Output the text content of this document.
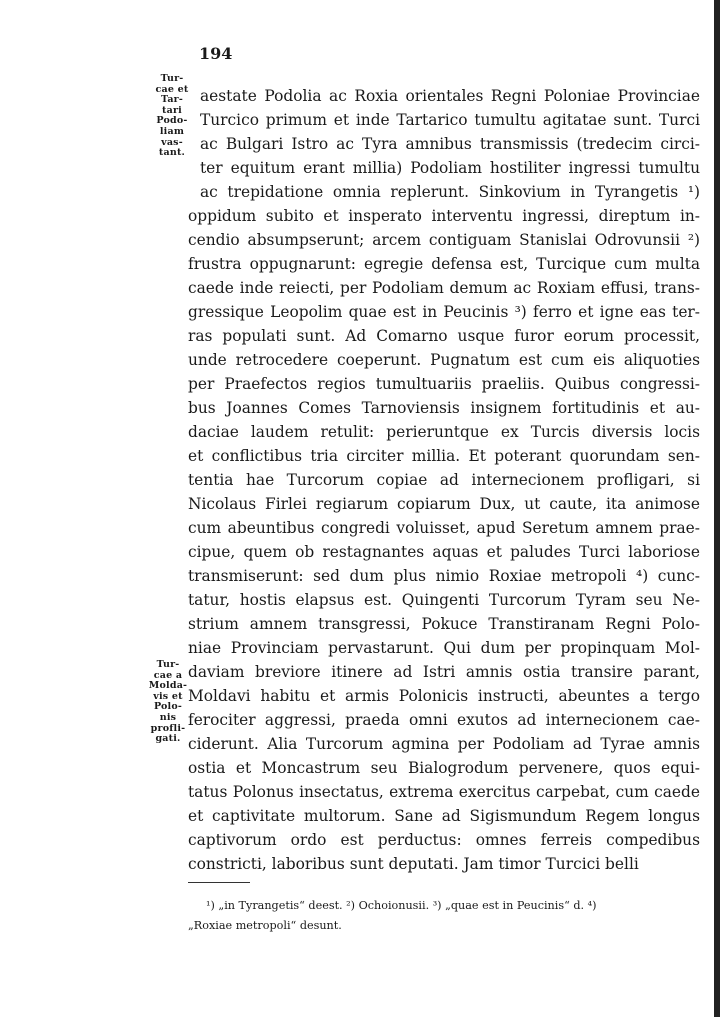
194
Tur-
cae et
Tar-
tari
Podo-
liam
vas-
tant.
Tur-
cae a
Molda-
vis et
Polo-
nis
profli-
gati.
aestate Podolia ac Roxia orientales Regni Poloniae Provinciae
Turcico primum et inde Tartarico tumultu agitatae sunt. Turci
ac Bulgari Istro ac Tyra amnibus transmissis (tredecim circi-
ter equitum erant millia) Podoliam hostiliter ingressi tumultu
ac trepidatione omnia replerunt. Sinkovium in Tyrangetis ¹)
oppidum subito et insperato interventu ingressi, direptum in-
cendio absumpserunt; arcem contiguam Stanislai Odrovunsii ²)
frustra oppugnarunt: egregie defensa est, Turcique cum multa
caede inde reiecti, per Podoliam demum ac Roxiam effusi, trans-
gressique Leopolim quae est in Peucinis ³) ferro et igne eas ter-
ras populati sunt. Ad Comarno usque furor eorum processit,
unde retrocedere coeperunt. Pugnatum est cum eis aliquoties
per Praefectos regios tumultuariis praeliis. Quibus congressi-
bus Joannes Comes Tarnoviensis insignem fortitudinis et au-
daciae laudem retulit: perieruntque ex Turcis diversis locis
et conflictibus tria circiter millia. Et poterant quorundam sen-
tentia hae Turcorum copiae ad internecionem profligari, si
Nicolaus Firlei regiarum copiarum Dux, ut caute, ita animose
cum abeuntibus congredi voluisset, apud Seretum amnem prae-
cipue, quem ob restagnantes aquas et paludes Turci laboriose
transmiserunt: sed dum plus nimio Roxiae metropoli ⁴) cunc-
tatur, hostis elapsus est. Quingenti Turcorum Tyram seu Ne-
strium amnem transgressi, Pokuce Transtiranam Regni Polo-
niae Provinciam pervastarunt. Qui dum per propinquam Mol-
daviam breviore itinere ad Istri amnis ostia transire parant,
Moldavi habitu et armis Polonicis instructi, abeuntes a tergo
ferociter aggressi, praeda omni exutos ad internecionem cae-
ciderunt. Alia Turcorum agmina per Podoliam ad Tyrae amnis
ostia et Moncastrum seu Bialogrodum pervenere, quos equi-
tatus Polonus insectatus, extrema exercitus carpebat, cum caede
et captivitate multorum. Sane ad Sigismundum Regem longus
captivorum ordo est perductus: omnes ferreis compedibus
constricti, laboribus sunt deputati. Jam timor Turcici belli
¹) „in Tyrangetis“ deest. ²) Ochoionusii. ³) „quae est in Peucinis“ d. ⁴)
„Roxiae metropoli“ desunt.
